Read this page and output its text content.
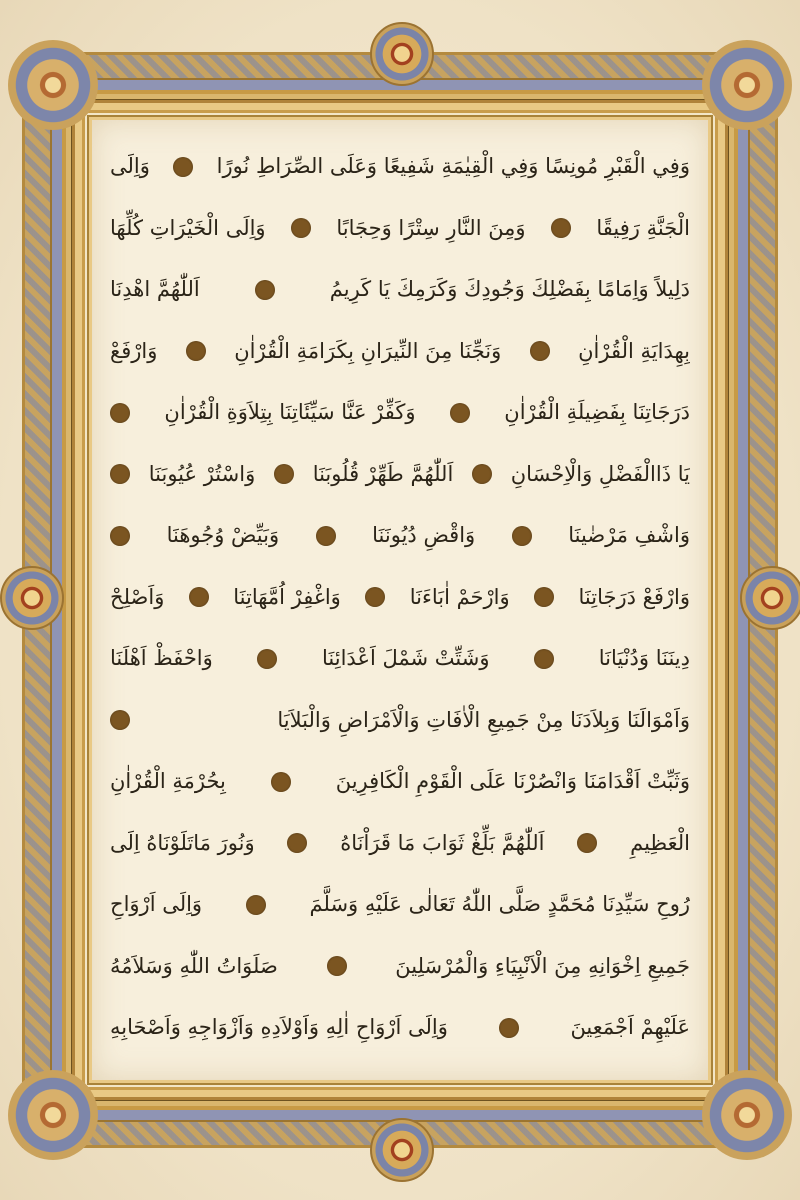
وَفِي الْقَبْرِ مُونِسًا وَفِي الْقِيٰمَةِ شَفِيعًا وَعَلَى الصِّرَاطِ نُورًا
وَاِلَى
الْجَنَّةِ رَفِيقًا
وَمِنَ النَّارِ سِتْرًا وَحِجَابًا
وَاِلَى الْخَيْرَاتِ كُلِّهَا
دَلِيلاً وَاِمَامًا بِفَضْلِكَ وَجُودِكَ وَكَرَمِكَ يَا كَرِيمُ
اَللّٰهُمَّ اهْدِنَا
بِهِدَايَةِ الْقُرْاٰنِ
وَنَجِّنَا مِنَ النِّيرَانِ بِكَرَامَةِ الْقُرْاٰنِ
وَارْفَعْ
دَرَجَاتِنَا بِفَضِيلَةِ الْقُرْاٰنِ
وَكَفِّرْ عَنَّا سَيِّئَاتِنَا بِتِلاَوَةِ الْقُرْاٰنِ
يَا ذَاالْفَضْلِ وَالْاِحْسَانِ
اَللّٰهُمَّ طَهِّرْ قُلُوبَنَا
وَاسْتُرْ عُيُوبَنَا
وَاشْفِ مَرْضٰينَا
وَاقْضِ دُيُونَنَا
وَبَيِّضْ وُجُوهَنَا
وَارْفَعْ دَرَجَاتِنَا
وَارْحَمْ اٰبَاءَنَا
وَاغْفِرْ اُمَّهَاتِنَا
وَاَصْلِحْ
دِينَنَا وَدُنْيَانَا
وَشَتِّتْ شَمْلَ اَعْدَائِنَا
وَاحْفَظْ اَهْلَنَا
وَاَمْوَالَنَا وَبِلاَدَنَا مِنْ جَمِيعِ الْاٰفَاتِ وَالْاَمْرَاضِ وَالْبَلاَيَا
وَثَبِّتْ اَقْدَامَنَا وَانْصُرْنَا عَلَى الْقَوْمِ الْكَافِرِينَ
بِحُرْمَةِ الْقُرْاٰنِ
الْعَظِيمِ
اَللّٰهُمَّ بَلِّغْ ثَوَابَ مَا قَرَاْنَاهُ
وَنُورَ مَاتَلَوْنَاهُ اِلَى
رُوحِ سَيِّدِنَا مُحَمَّدٍ صَلَّى اللّٰهُ تَعَالٰى عَلَيْهِ وَسَلَّمَ
وَاِلَى اَرْوَاحِ
جَمِيعِ اِخْوَانِهِ مِنَ الْاَنْبِيَاءِ وَالْمُرْسَلِينَ
صَلَوَاتُ اللّٰهِ وَسَلاَمُهُ
عَلَيْهِمْ اَجْمَعِينَ
وَاِلَى اَرْوَاحِ اٰلِهِ وَاَوْلاَدِهِ وَاَزْوَاجِهِ وَاَصْحَابِهِ
